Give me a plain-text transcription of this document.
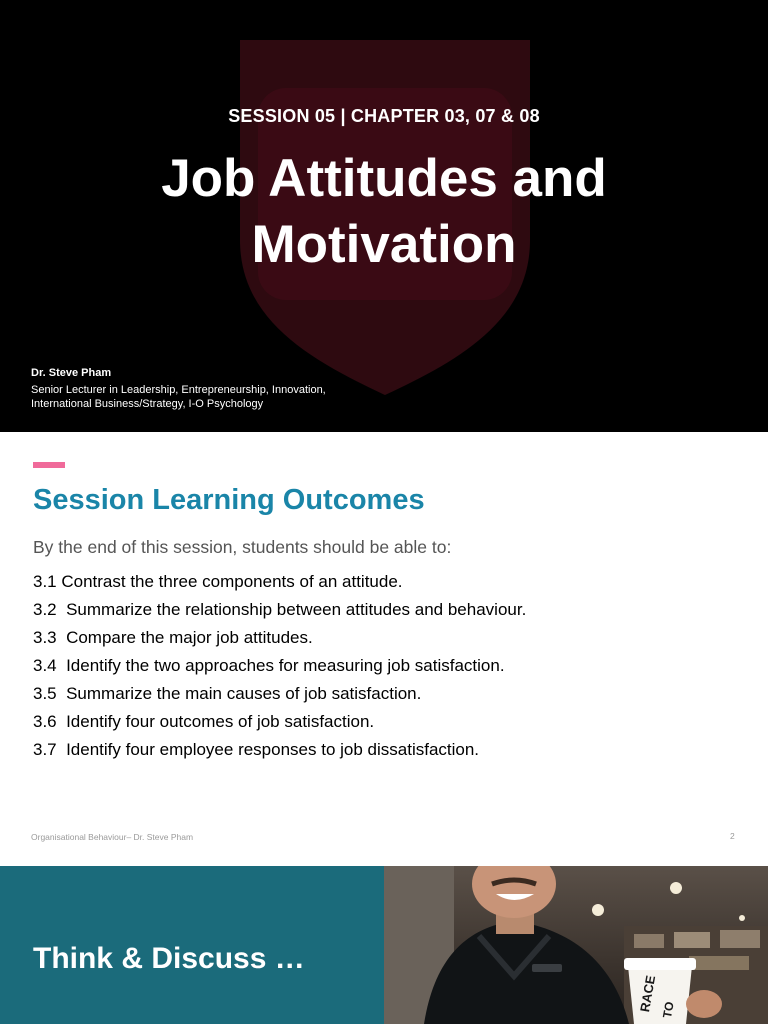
SESSION 05 | CHAPTER 03, 07 & 08
Job Attitudes and
Motivation
Dr. Steve Pham
Senior Lecturer in Leadership, Entrepreneurship, Innovation,
International Business/Strategy, I-O Psychology
Session Learning Outcomes

By the end of this session, students should be able to:

3.1 Contrast the three components of an attitude.
3.2  Summarize the relationship between attitudes and behaviour.
3.3  Compare the major job attitudes.
3.4  Identify the two approaches for measuring job satisfaction.
3.5  Summarize the main causes of job satisfaction.
3.6  Identify four outcomes of job satisfaction.
3.7  Identify four employee responses to job dissatisfaction.
Organisational Behaviour– Dr. Steve Pham	2
Think & Discuss …
RACE TO
